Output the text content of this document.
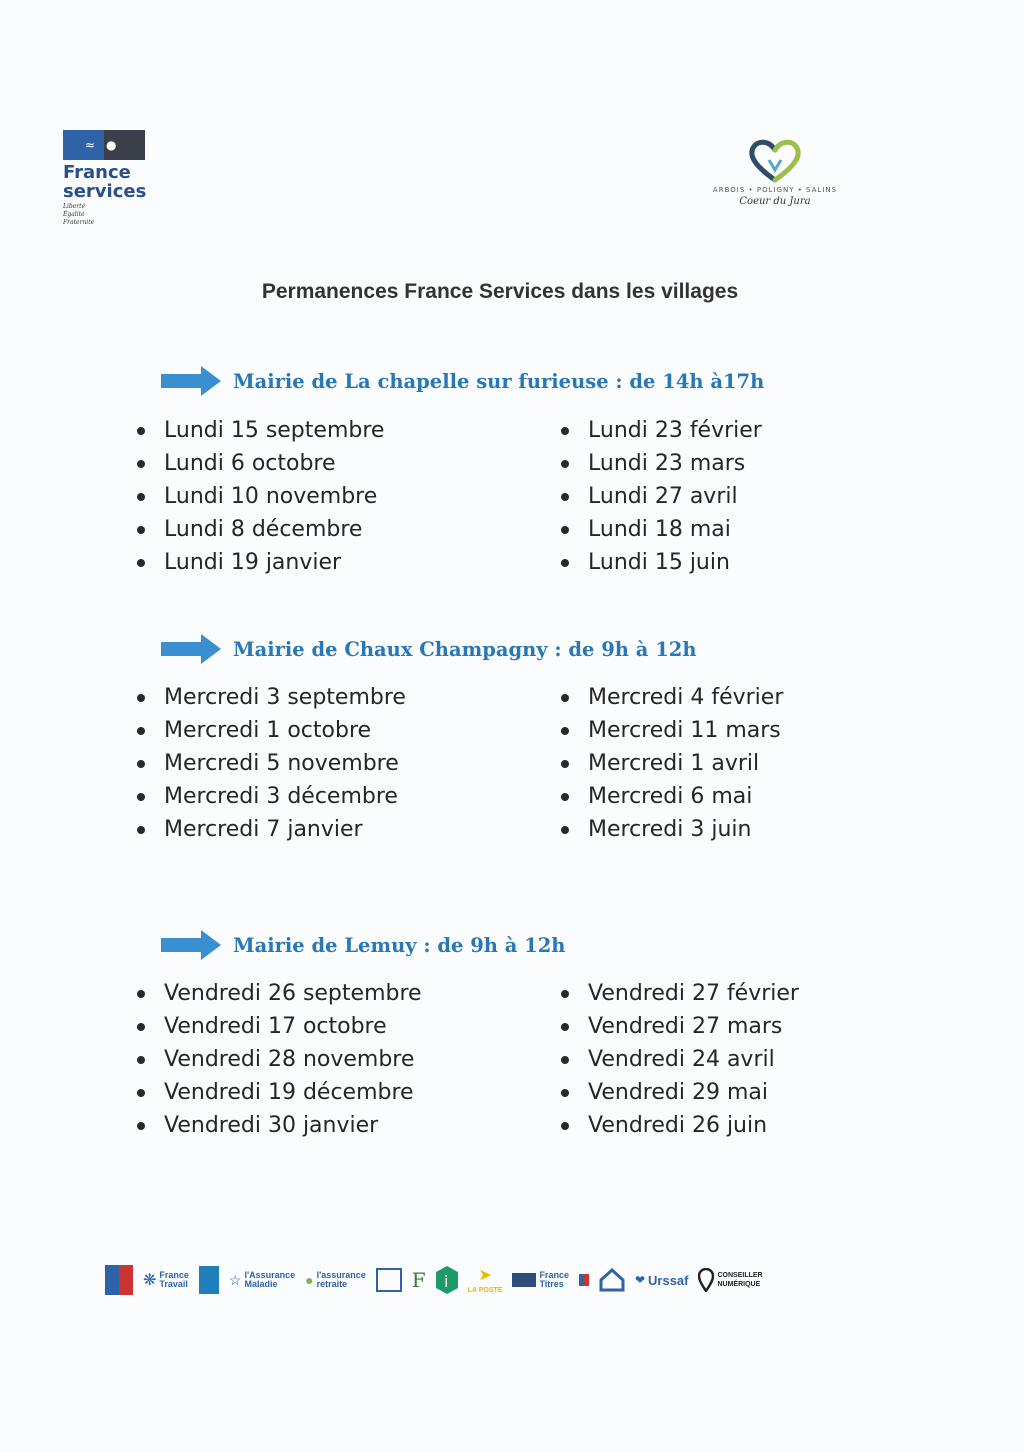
≈ ●
France
services
Liberté
Égalité
Fraternité
ARBOIS • POLIGNY • SALINS
Coeur du Jura
Permanences France Services dans les villages
Mairie de La chapelle sur furieuse : de 14h à17h
Lundi 15 septembre
Lundi 6 octobre
Lundi 10 novembre
Lundi 8 décembre
Lundi 19 janvier
Lundi 23 février
Lundi 23 mars
Lundi 27 avril
Lundi 18 mai
Lundi 15 juin
Mairie de Chaux Champagny : de 9h à 12h
Mercredi 3 septembre
Mercredi 1 octobre
Mercredi 5 novembre
Mercredi 3 décembre
Mercredi 7 janvier
Mercredi 4 février
Mercredi 11 mars
Mercredi 1 avril
Mercredi 6 mai
Mercredi 3 juin
Mairie de Lemuy : de 9h à 12h
Vendredi 26 septembre
Vendredi 17 octobre
Vendredi 28 novembre
Vendredi 19 décembre
Vendredi 30 janvier
Vendredi 27 février
Vendredi 27 mars
Vendredi 24 avril
Vendredi 29 mai
Vendredi 26 juin
❋ France
Travail	☆ l'Assurance
Maladie	● l'assurance
retraite	F i ➤
LA POSTE
France
Titres	❤ Urssaf	CONSEILLER
NUMÉRIQUE
